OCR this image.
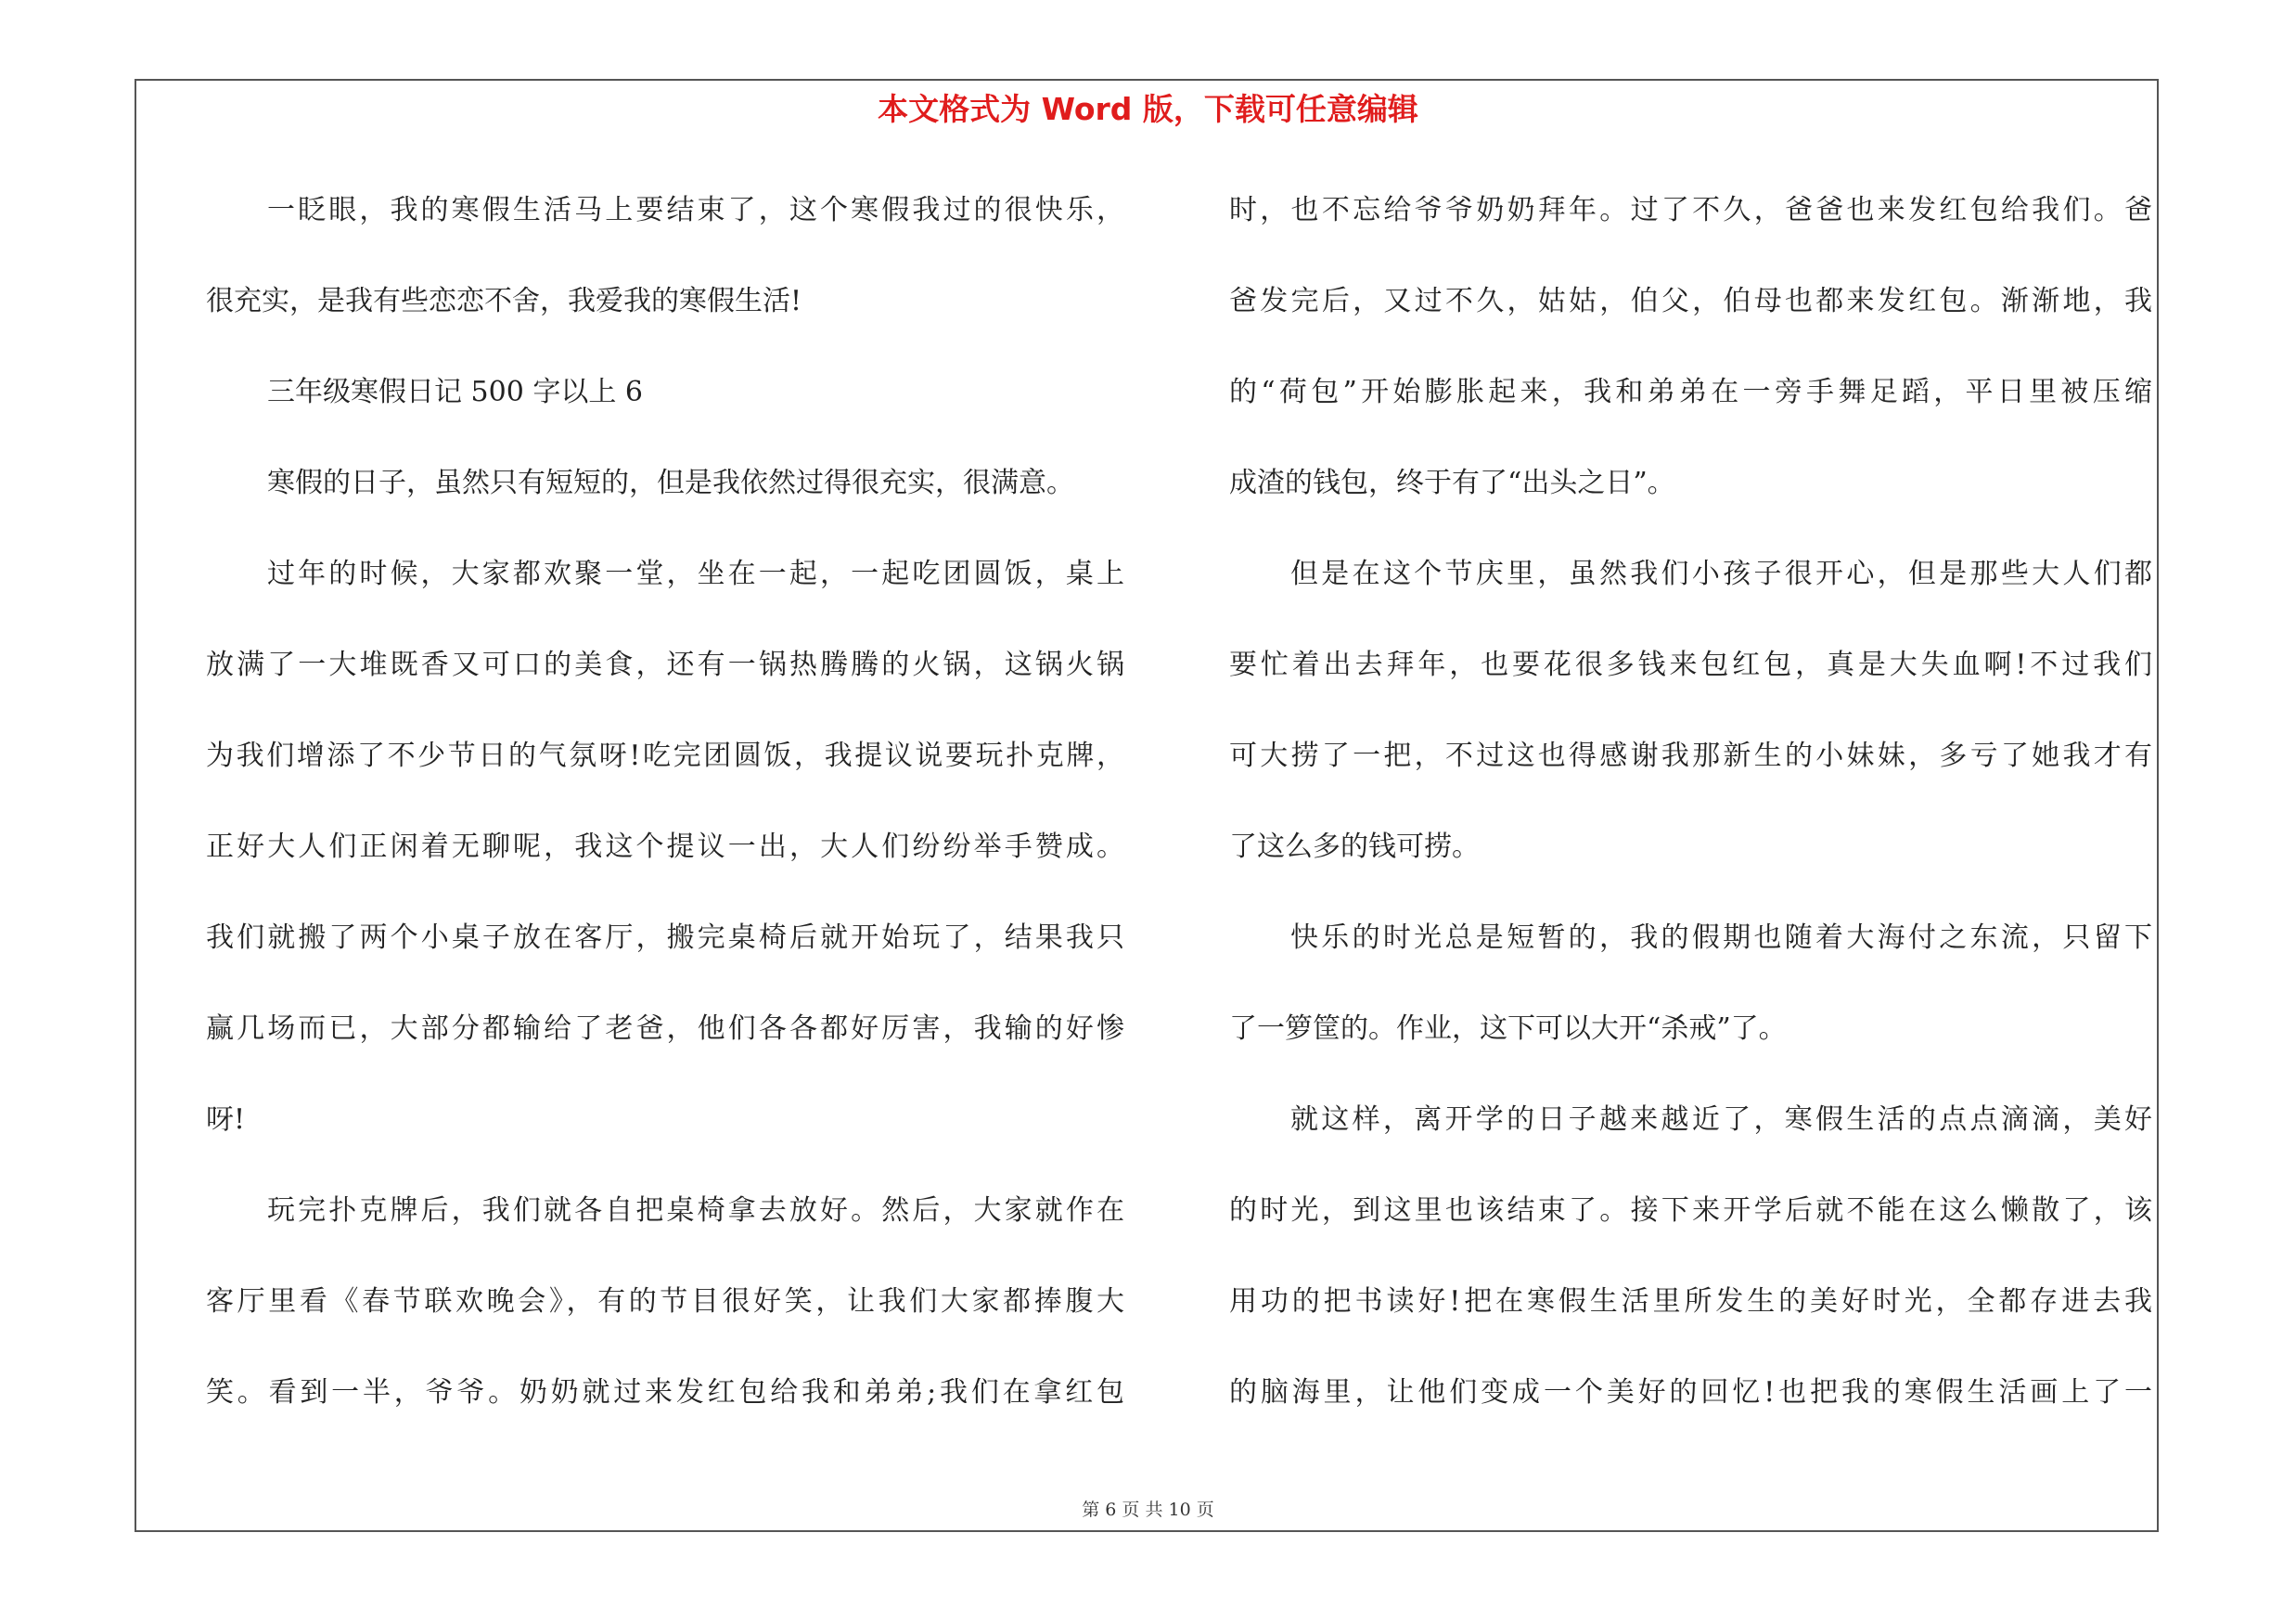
本文格式为 Word 版，下载可任意编辑
一眨眼，我的寒假生活马上要结束了，这个寒假我过的很快乐，
很充实，是我有些恋恋不舍，我爱我的寒假生活!
三年级寒假日记 500 字以上 6
寒假的日子，虽然只有短短的，但是我依然过得很充实，很满意。
过年的时候，大家都欢聚一堂，坐在一起，一起吃团圆饭，桌上
放满了一大堆既香又可口的美食，还有一锅热腾腾的火锅，这锅火锅
为我们增添了不少节日的气氛呀!吃完团圆饭，我提议说要玩扑克牌，
正好大人们正闲着无聊呢，我这个提议一出，大人们纷纷举手赞成。
我们就搬了两个小桌子放在客厅，搬完桌椅后就开始玩了，结果我只
赢几场而已，大部分都输给了老爸，他们各各都好厉害，我输的好惨
呀!
玩完扑克牌后，我们就各自把桌椅拿去放好。然后，大家就作在
客厅里看《春节联欢晚会》，有的节目很好笑，让我们大家都捧腹大
笑。看到一半，爷爷。奶奶就过来发红包给我和弟弟;我们在拿红包
时，也不忘给爷爷奶奶拜年。过了不久，爸爸也来发红包给我们。爸
爸发完后，又过不久，姑姑，伯父，伯母也都来发红包。渐渐地，我
的“荷包”开始膨胀起来，我和弟弟在一旁手舞足蹈，平日里被压缩
成渣的钱包，终于有了“出头之日”。
但是在这个节庆里，虽然我们小孩子很开心，但是那些大人们都
要忙着出去拜年，也要花很多钱来包红包，真是大失血啊!不过我们
可大捞了一把，不过这也得感谢我那新生的小妹妹，多亏了她我才有
了这么多的钱可捞。
快乐的时光总是短暂的，我的假期也随着大海付之东流，只留下
了一箩筐的。作业，这下可以大开“杀戒”了。
就这样，离开学的日子越来越近了，寒假生活的点点滴滴，美好
的时光，到这里也该结束了。接下来开学后就不能在这么懒散了，该
用功的把书读好!把在寒假生活里所发生的美好时光，全都存进去我
的脑海里，让他们变成一个美好的回忆!也把我的寒假生活画上了一
第 6 页 共 10 页
